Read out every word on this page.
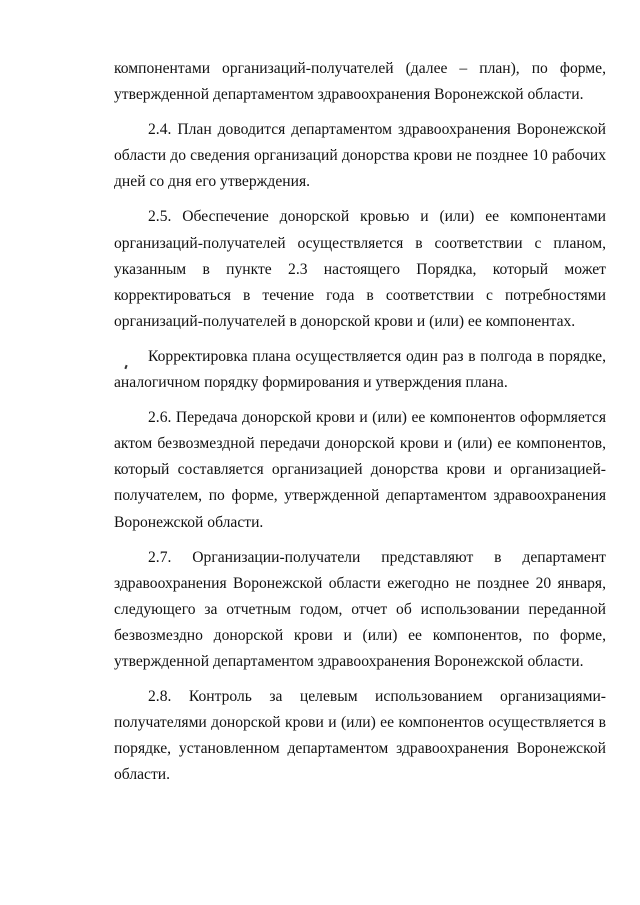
компонентами организаций-получателей (далее – план), по форме, утвержденной департаментом здравоохранения Воронежской области.

2.4. План доводится департаментом здравоохранения Воронежской области до сведения организаций донорства крови не позднее 10 рабочих дней со дня его утверждения.

2.5. Обеспечение донорской кровью и (или) ее компонентами организаций-получателей осуществляется в соответствии с планом, указанным в пункте 2.3 настоящего Порядка, который может корректироваться в течение года в соответствии с потребностями организаций-получателей в донорской крови и (или) ее компонентах.

Корректировка плана осуществляется один раз в полгода в порядке, аналогичном порядку формирования и утверждения плана.

2.6. Передача донорской крови и (или) ее компонентов оформляется актом безвозмездной передачи донорской крови и (или) ее компонентов, который составляется организацией донорства крови и организацией-получателем, по форме, утвержденной департаментом здравоохранения Воронежской области.

2.7. Организации-получатели представляют в департамент здравоохранения Воронежской области ежегодно не позднее 20 января, следующего за отчетным годом, отчет об использовании переданной безвозмездно донорской крови и (или) ее компонентов, по форме, утвержденной департаментом здравоохранения Воронежской области.

2.8. Контроль за целевым использованием организациями-получателями донорской крови и (или) ее компонентов осуществляется в порядке, установленном департаментом здравоохранения Воронежской области.
